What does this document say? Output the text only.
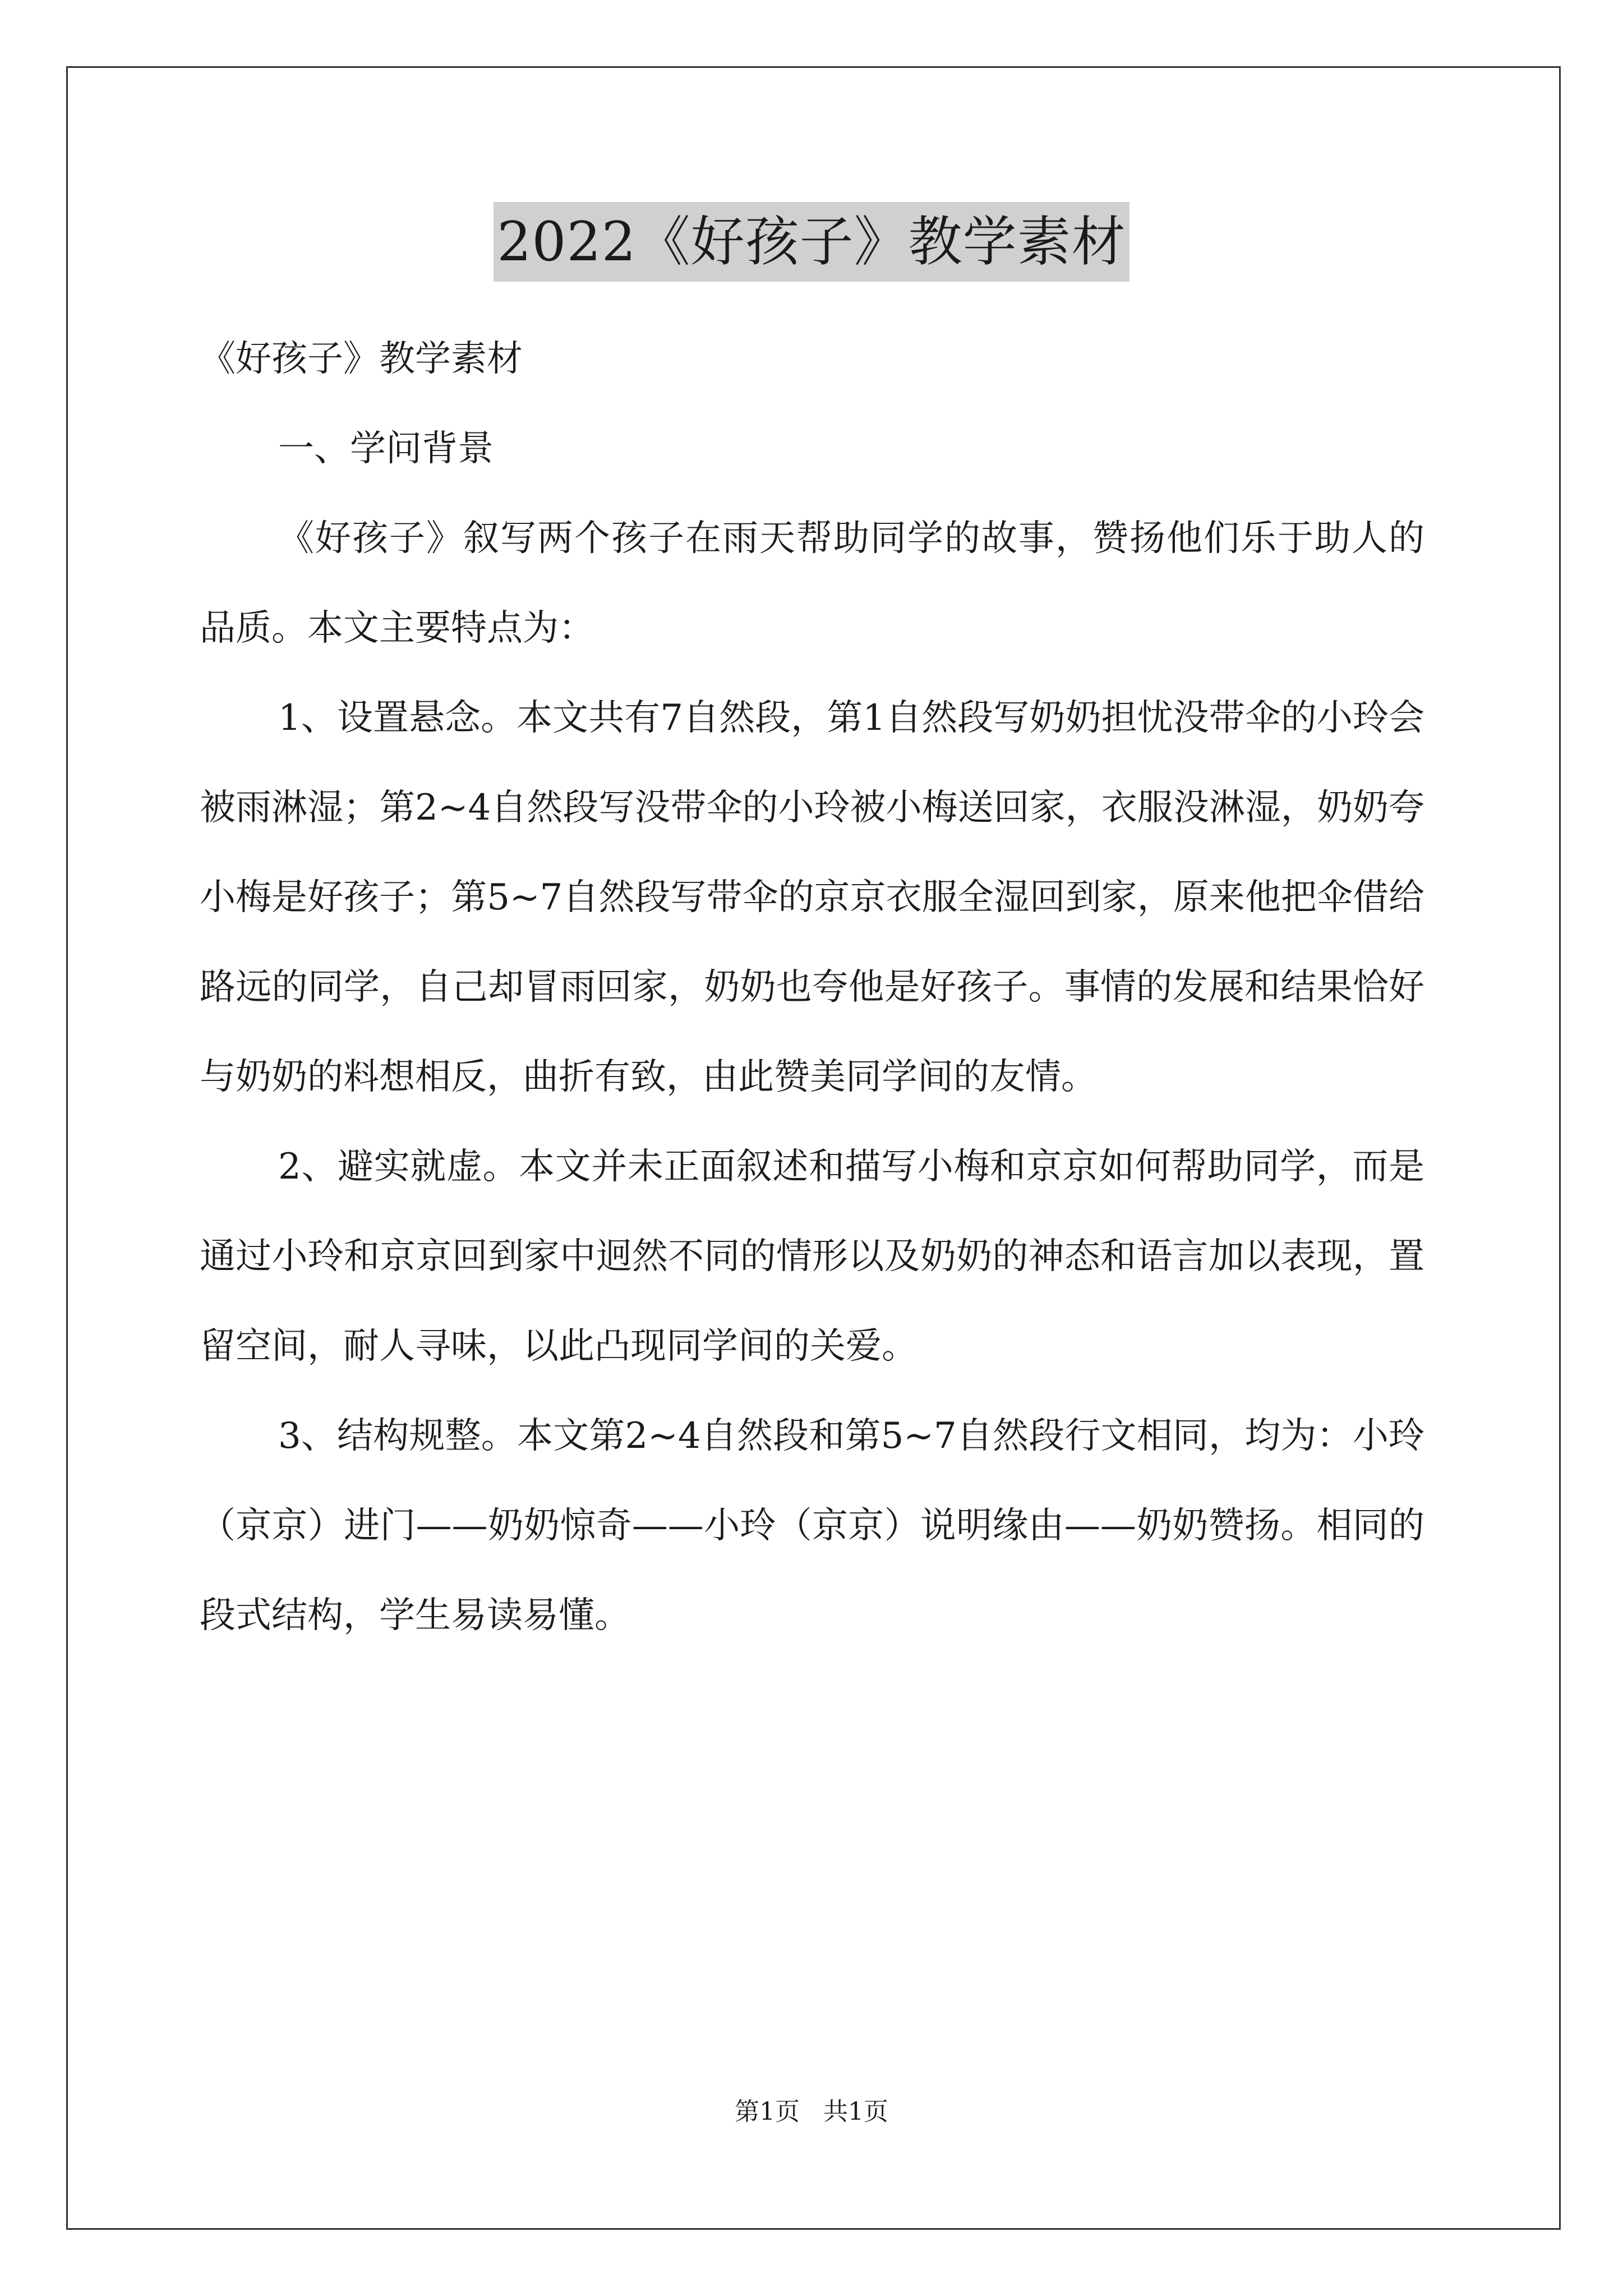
2022《好孩子》教学素材

《好孩子》教学素材

一、学问背景

《好孩子》叙写两个孩子在雨天帮助同学的故事，赞扬他们乐于助人的品质。本文主要特点为：

1、设置悬念。本文共有7自然段，第1自然段写奶奶担忧没带伞的小玲会被雨淋湿；第2~4自然段写没带伞的小玲被小梅送回家，衣服没淋湿，奶奶夸小梅是好孩子；第5~7自然段写带伞的京京衣服全湿回到家，原来他把伞借给路远的同学，自己却冒雨回家，奶奶也夸他是好孩子。事情的发展和结果恰好与奶奶的料想相反，曲折有致，由此赞美同学间的友情。

2、避实就虚。本文并未正面叙述和描写小梅和京京如何帮助同学，而是通过小玲和京京回到家中迥然不同的情形以及奶奶的神态和语言加以表现，置留空间，耐人寻味，以此凸现同学间的关爱。

3、结构规整。本文第2~4自然段和第5~7自然段行文相同，均为：小玲（京京）进门——奶奶惊奇——小玲（京京）说明缘由——奶奶赞扬。相同的段式结构，学生易读易懂。

第1页 共1页
